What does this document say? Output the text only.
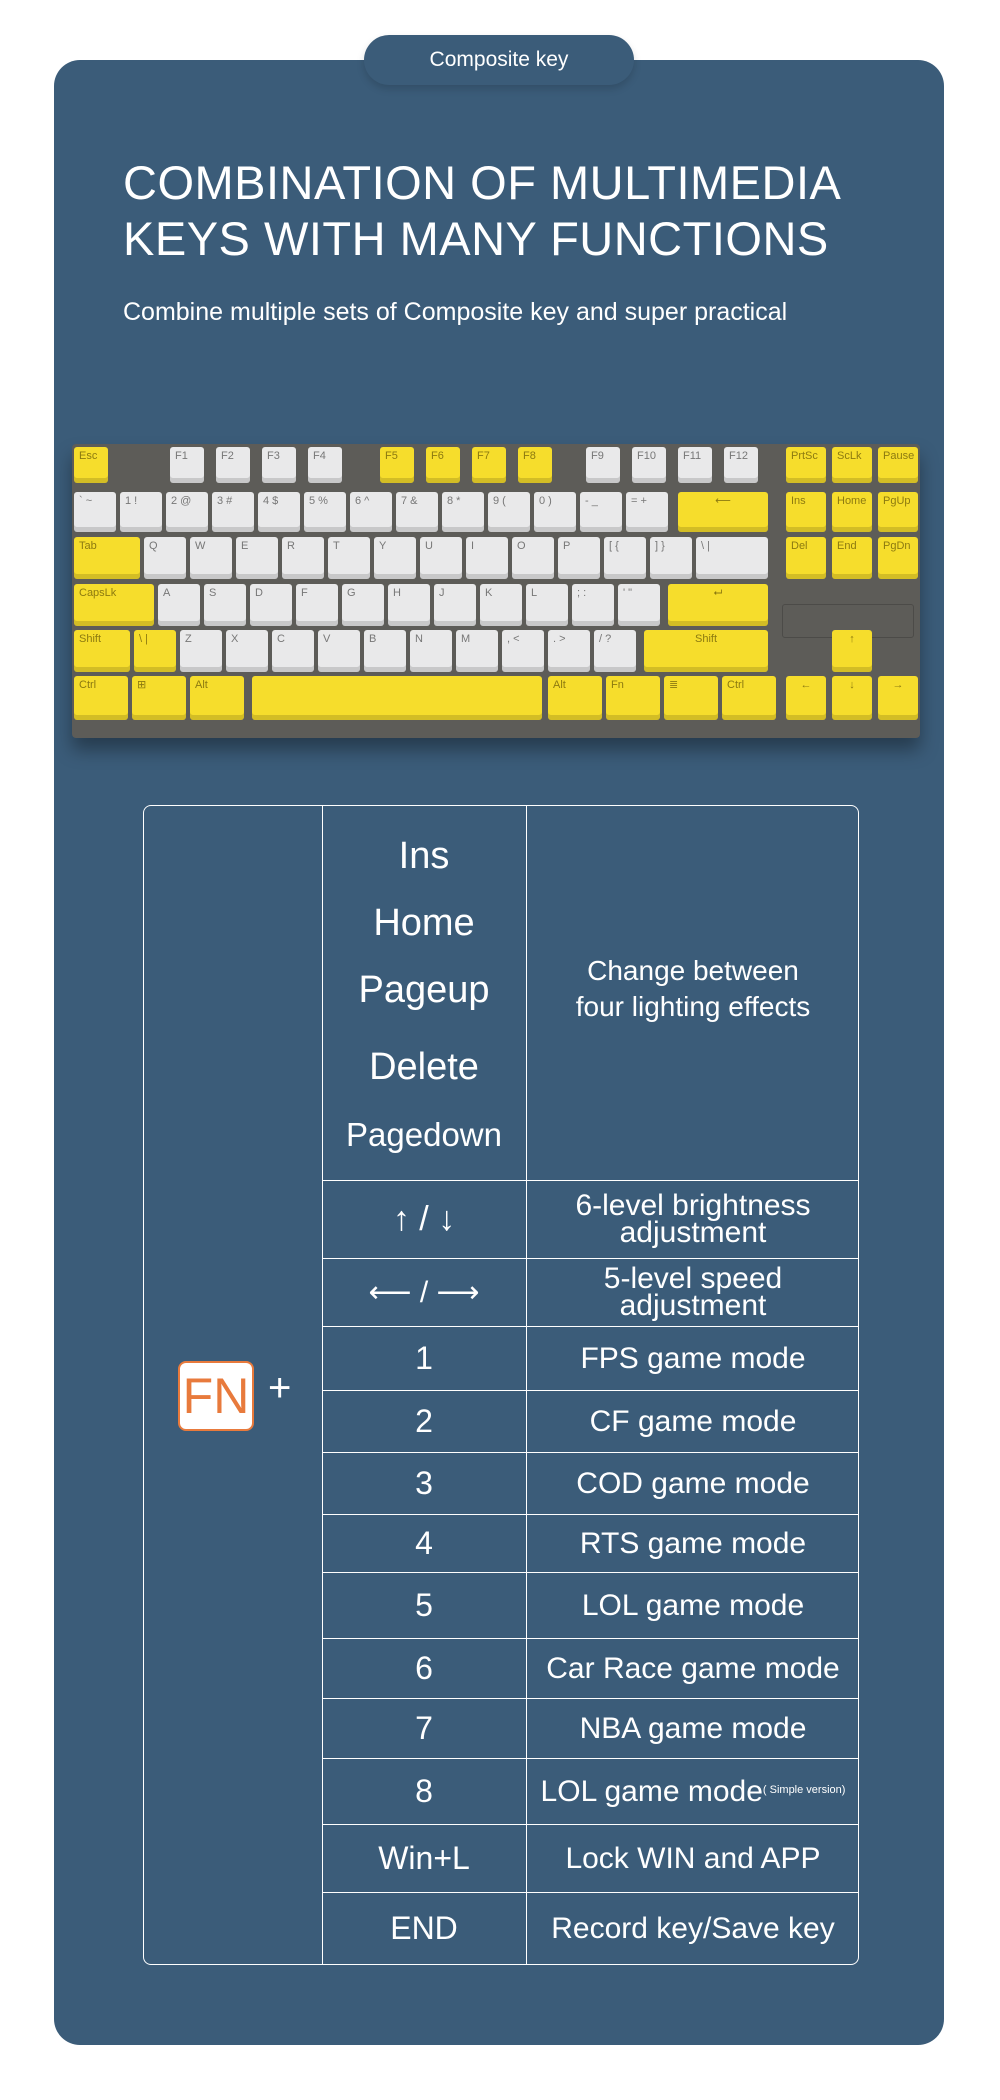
Composite key
COMBINATION OF MULTIMEDIA
KEYS WITH MANY FUNCTIONS

Combine multiple sets of Composite key and super practical

Esc	F1	F2	F3	F4	F5	F6	F7	F8	F9	F10	F11	F12	PrtSc	ScLk	Pause
` ~	1 !	2 @	3 #	4 $	5 %	6 ^	7 &	8 *	9 (	0 )	- _	= +	⟵	Ins	Home	PgUp
Tab	Q	W	E	R	T	Y	U	I	O	P	[ {	] }	\ |	Del	End	PgDn
CapsLk	A	S	D	F	G	H	J	K	L	; :	' "	⮠
Shift	\ |	Z	X	C	V	B	N	M	, <	. >	/ ?	Shift	↑
Ctrl	⊞	Alt	Alt	Fn	≣	Ctrl	←	↓	→
FN +
Ins
Home
Pageup
Delete
Pagedown
Change between
four lighting effects
↑ / ↓	6-level brightness
adjustment
⟵ / ⟶	5-level speed
adjustment
1	FPS game mode
2	CF game mode
3	COD game mode
4	RTS game mode
5	LOL game mode
6	Car Race game mode
7	NBA game mode
8	LOL game mode ( Simple version)
Win+L	Lock WIN and APP
END	Record key/Save key
